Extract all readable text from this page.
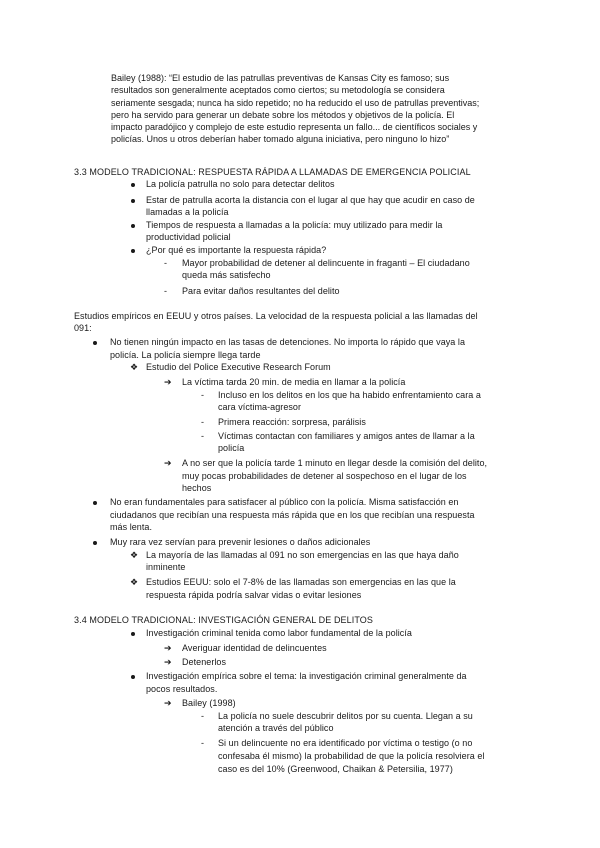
Bailey (1988): “El estudio de las patrullas preventivas de Kansas City es famoso; sus
resultados son generalmente aceptados como ciertos; su metodología se considera
seriamente sesgada; nunca ha sido repetido; no ha reducido el uso de patrullas preventivas;
pero ha servido para generar un debate sobre los métodos y objetivos de la policía. El
impacto paradójico y complejo de este estudio representa un fallo... de científicos sociales y
policías. Unos u otros deberían haber tomado alguna iniciativa, pero ninguno lo hizo”
3.3 MODELO TRADICIONAL: RESPUESTA RÁPIDA A LLAMADAS DE EMERGENCIA POLICIAL
La policía patrulla no solo para detectar delitos
Estar de patrulla acorta la distancia con el lugar al que hay que acudir en caso de
llamadas a la policía
Tiempos de respuesta a llamadas a la policía: muy utilizado para medir la
productividad policial
¿Por qué es importante la respuesta rápida?
- Mayor probabilidad de detener al delincuente in fraganti – El ciudadano
queda más satisfecho
- Para evitar daños resultantes del delito
Estudios empíricos en EEUU y otros países. La velocidad de la respuesta policial a las llamadas del
091:
No tienen ningún impacto en las tasas de detenciones. No importa lo rápido que vaya la
policía. La policía siempre llega tarde
❖ Estudio del Police Executive Research Forum
➔ La víctima tarda 20 min. de media en llamar a la policía
- Incluso en los delitos en los que ha habido enfrentamiento cara a
cara víctima-agresor
- Primera reacción: sorpresa, parálisis
- Víctimas contactan con familiares y amigos antes de llamar a la
policía
➔ A no ser que la policía tarde 1 minuto en llegar desde la comisión del delito,
muy pocas probabilidades de detener al sospechoso en el lugar de los
hechos
No eran fundamentales para satisfacer al público con la policía. Misma satisfacción en
ciudadanos que recibían una respuesta más rápida que en los que recibían una respuesta
más lenta.
Muy rara vez servían para prevenir lesiones o daños adicionales
❖ La mayoría de las llamadas al 091 no son emergencias en las que haya daño
inminente
❖ Estudios EEUU: solo el 7-8% de las llamadas son emergencias en las que la
respuesta rápida podría salvar vidas o evitar lesiones
3.4 MODELO TRADICIONAL: INVESTIGACIÓN GENERAL DE DELITOS
Investigación criminal tenida como labor fundamental de la policía
➔ Averiguar identidad de delincuentes
➔ Detenerlos
Investigación empírica sobre el tema: la investigación criminal generalmente da
pocos resultados.
➔ Bailey (1998)
- La policía no suele descubrir delitos por su cuenta. Llegan a su
atención a través del público
- Si un delincuente no era identificado por víctima o testigo (o no
confesaba él mismo) la probabilidad de que la policía resolviera el
caso es del 10% (Greenwood, Chaikan & Petersilia, 1977)
